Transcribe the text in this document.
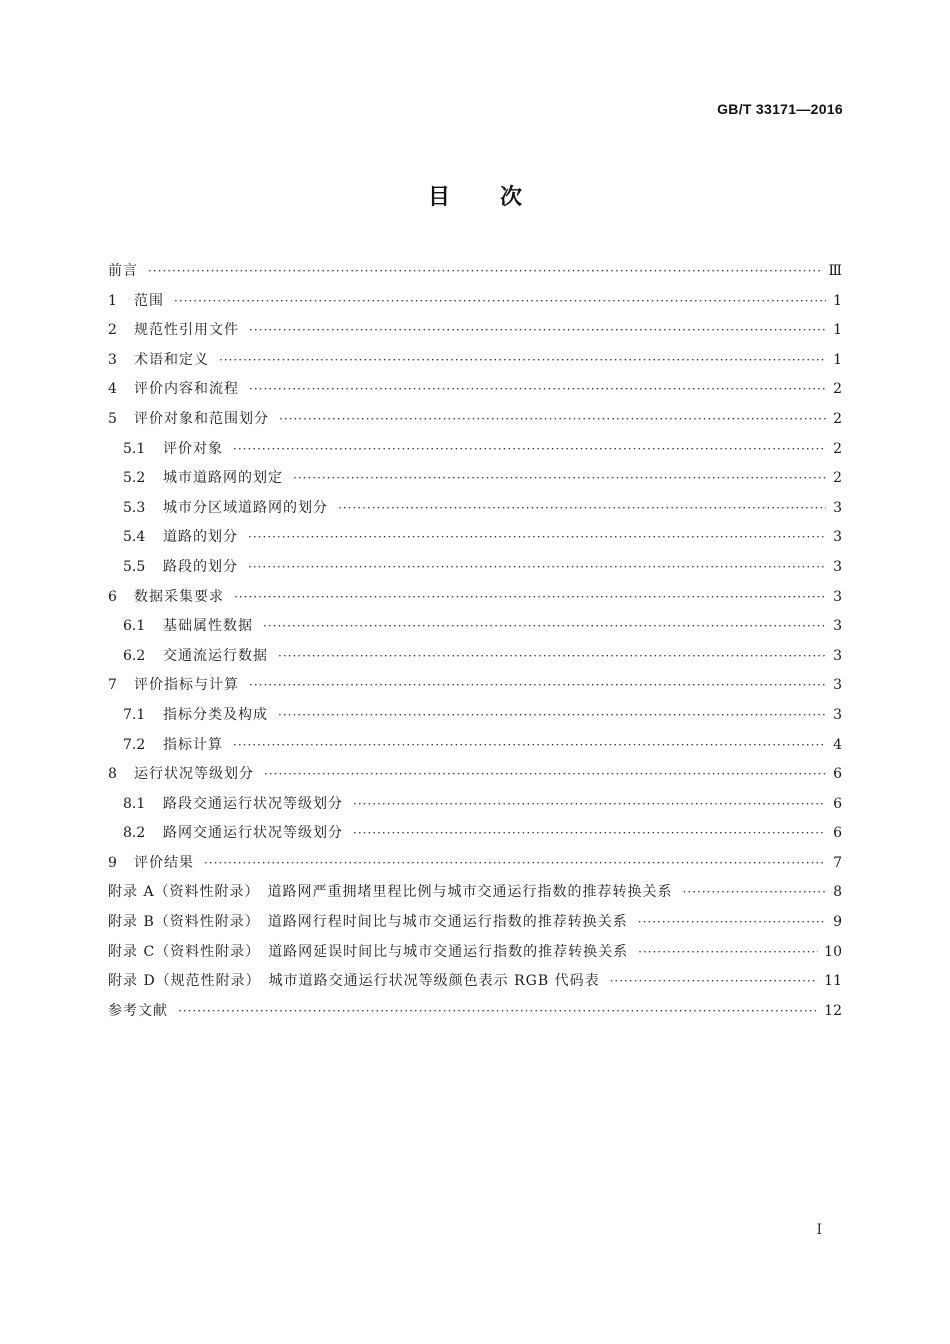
GB/T 33171—2016
目次
前言 ·····	Ⅲ
1	范围 ·····	1
2	规范性引用文件 ·····	1
3	术语和定义 ·····	1
4	评价内容和流程 ·····	2
5	评价对象和范围划分 ·····	2
5.1	评价对象 ·····	2
5.2	城市道路网的划定 ·····	2
5.3	城市分区域道路网的划分 ·····	3
5.4	道路的划分 ·····	3
5.5	路段的划分 ·····	3
6	数据采集要求 ·····	3
6.1	基础属性数据 ·····	3
6.2	交通流运行数据 ·····	3
7	评价指标与计算 ·····	3
7.1	指标分类及构成 ·····	3
7.2	指标计算 ·····	4
8	运行状况等级划分 ·····	6
8.1	路段交通运行状况等级划分 ·····	6
8.2	路网交通运行状况等级划分 ·····	6
9	评价结果 ·····	7
附录 A（资料性附录）　道路网严重拥堵里程比例与城市交通运行指数的推荐转换关系 ·····	8
附录 B（资料性附录）　道路网行程时间比与城市交通运行指数的推荐转换关系 ·····	9
附录 C（资料性附录）　道路网延误时间比与城市交通运行指数的推荐转换关系 ·····	10
附录 D（规范性附录）　城市道路交通运行状况等级颜色表示 RGB 代码表 ·····	11
参考文献 ·····	12
I
